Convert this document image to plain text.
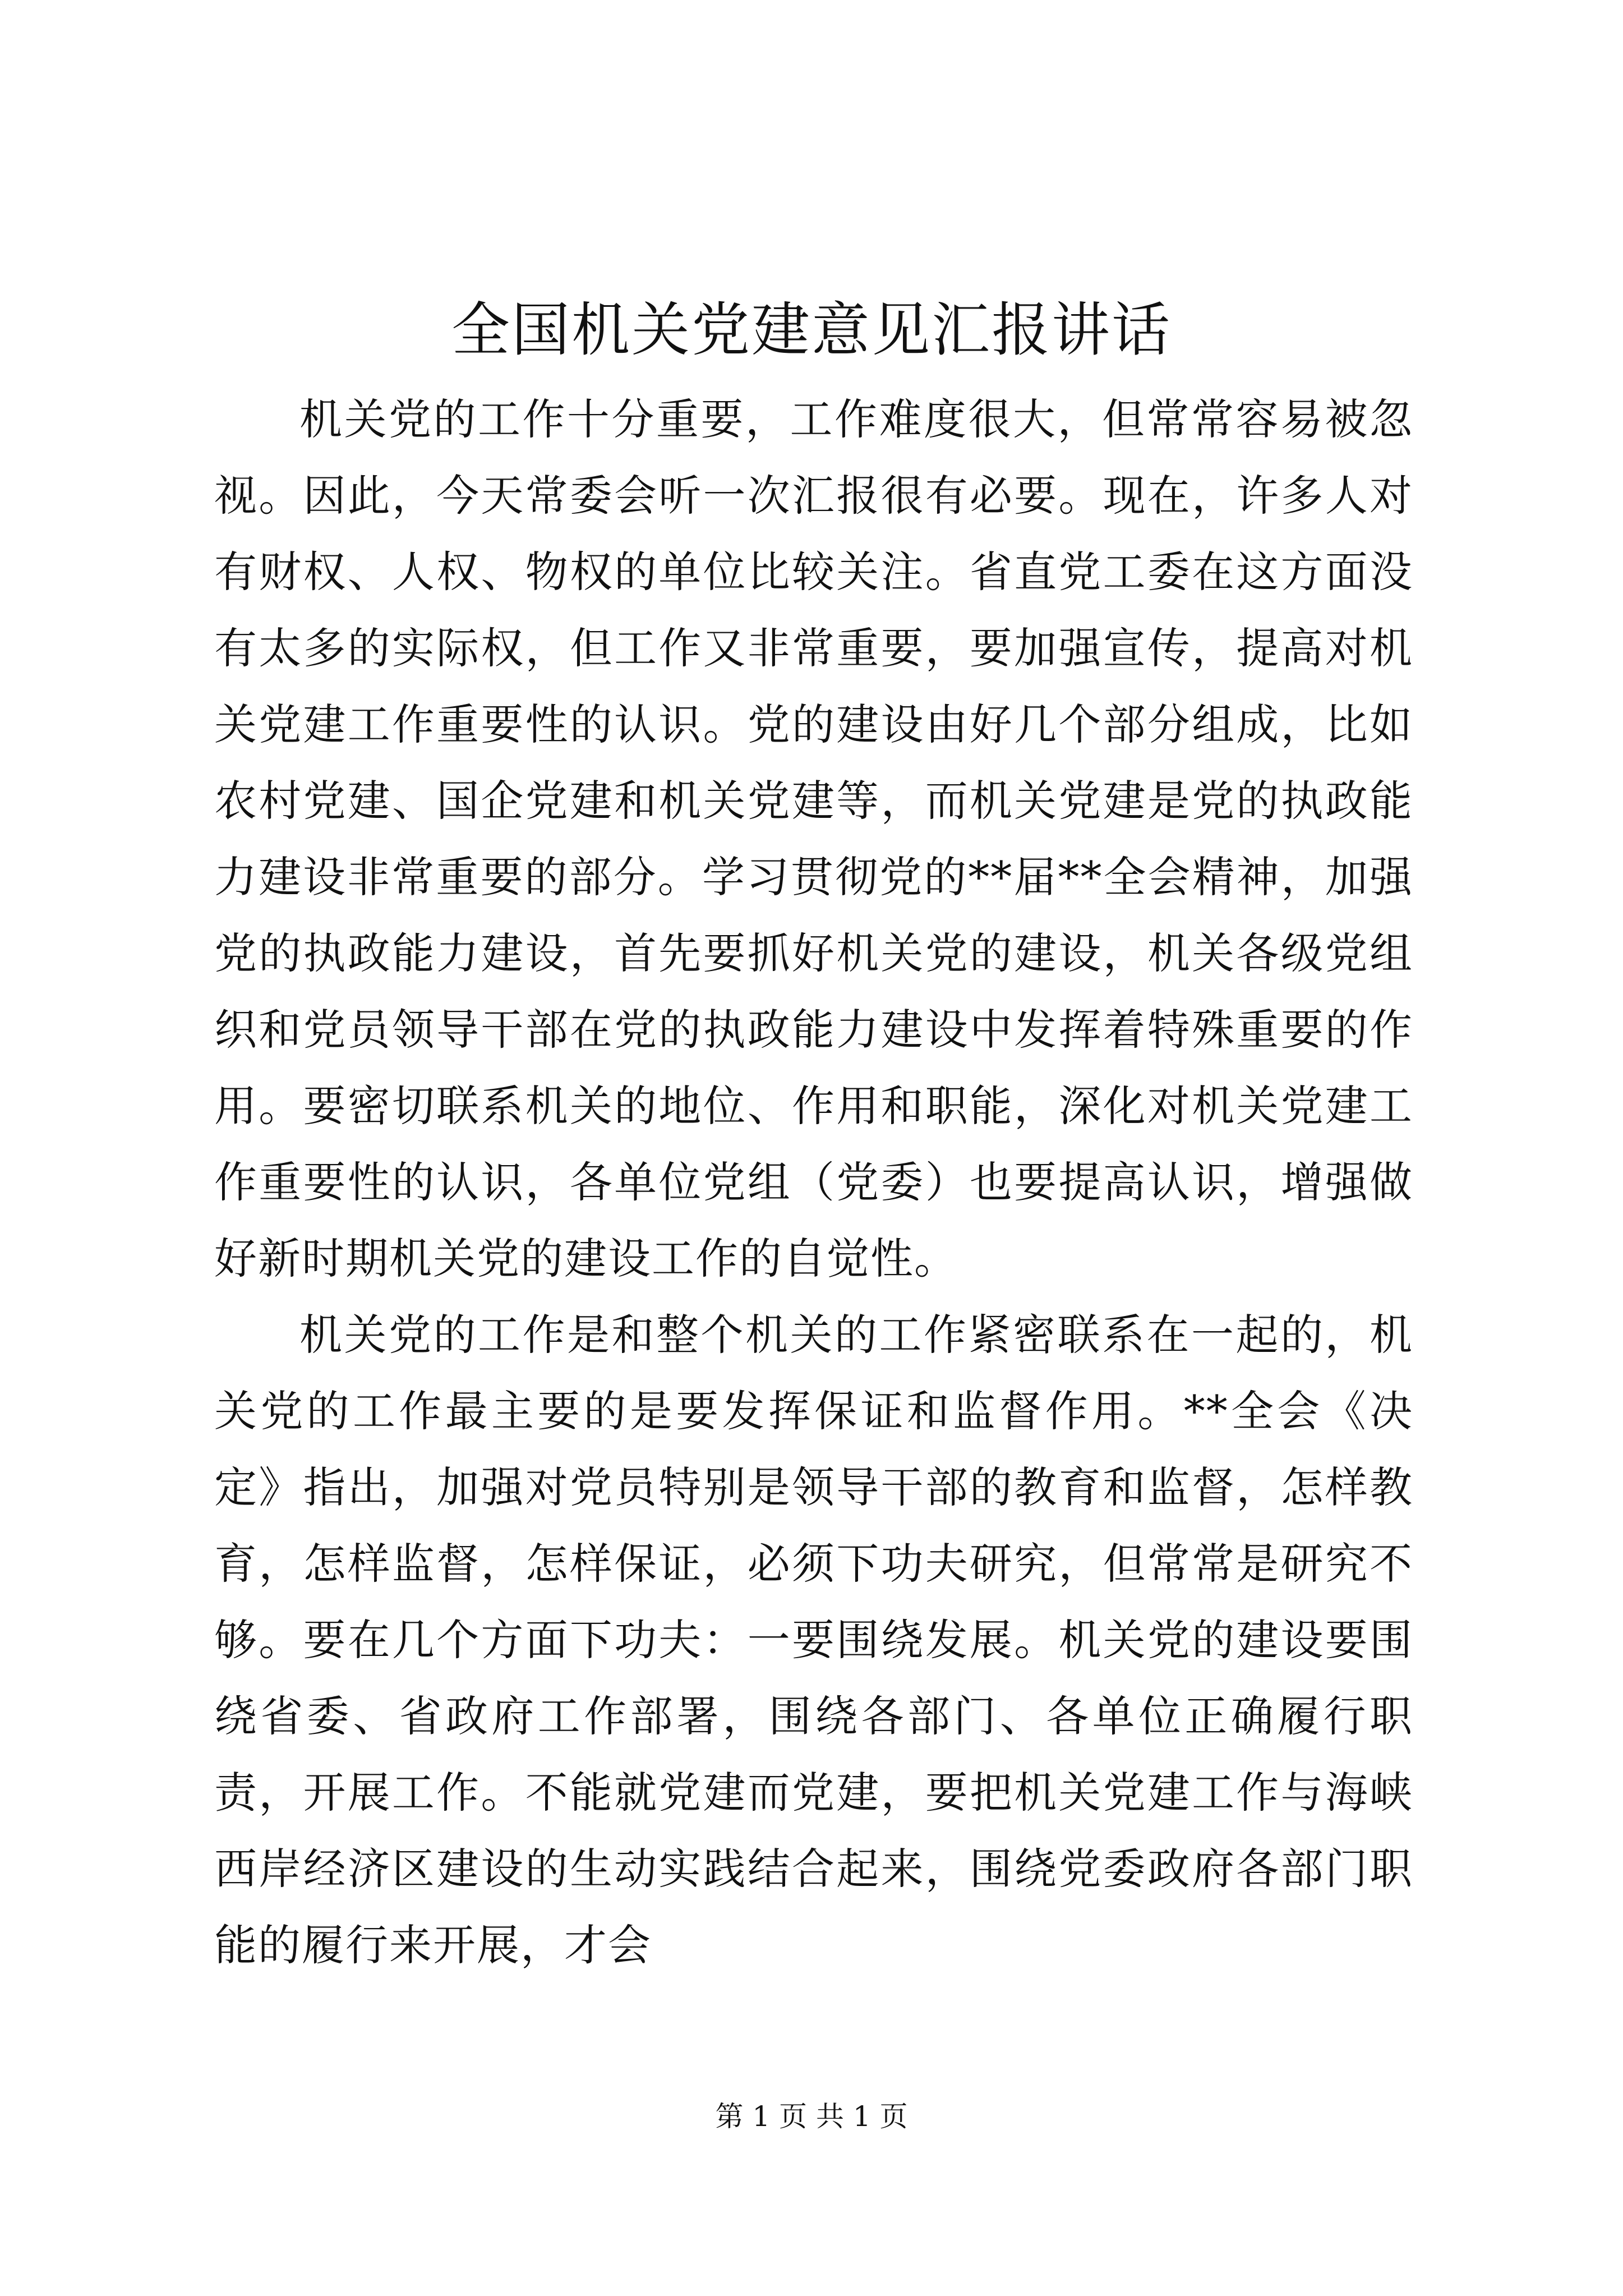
全国机关党建意见汇报讲话

机关党的工作十分重要，工作难度很大，但常常容易被忽视。因此，今天常委会听一次汇报很有必要。现在，许多人对有财权、人权、物权的单位比较关注。省直党工委在这方面没有太多的实际权，但工作又非常重要，要加强宣传，提高对机关党建工作重要性的认识。党的建设由好几个部分组成，比如农村党建、国企党建和机关党建等，而机关党建是党的执政能力建设非常重要的部分。学习贯彻党的**届**全会精神，加强党的执政能力建设，首先要抓好机关党的建设，机关各级党组织和党员领导干部在党的执政能力建设中发挥着特殊重要的作用。要密切联系机关的地位、作用和职能，深化对机关党建工作重要性的认识，各单位党组（党委）也要提高认识，增强做好新时期机关党的建设工作的自觉性。

机关党的工作是和整个机关的工作紧密联系在一起的，机关党的工作最主要的是要发挥保证和监督作用。**全会《决定》指出，加强对党员特别是领导干部的教育和监督，怎样教育，怎样监督，怎样保证，必须下功夫研究，但常常是研究不够。要在几个方面下功夫：一要围绕发展。机关党的建设要围绕省委、省政府工作部署，围绕各部门、各单位正确履行职责，开展工作。不能就党建而党建，要把机关党建工作与海峡西岸经济区建设的生动实践结合起来，围绕党委政府各部门职能的履行来开展，才会

第 1 页 共 1 页
